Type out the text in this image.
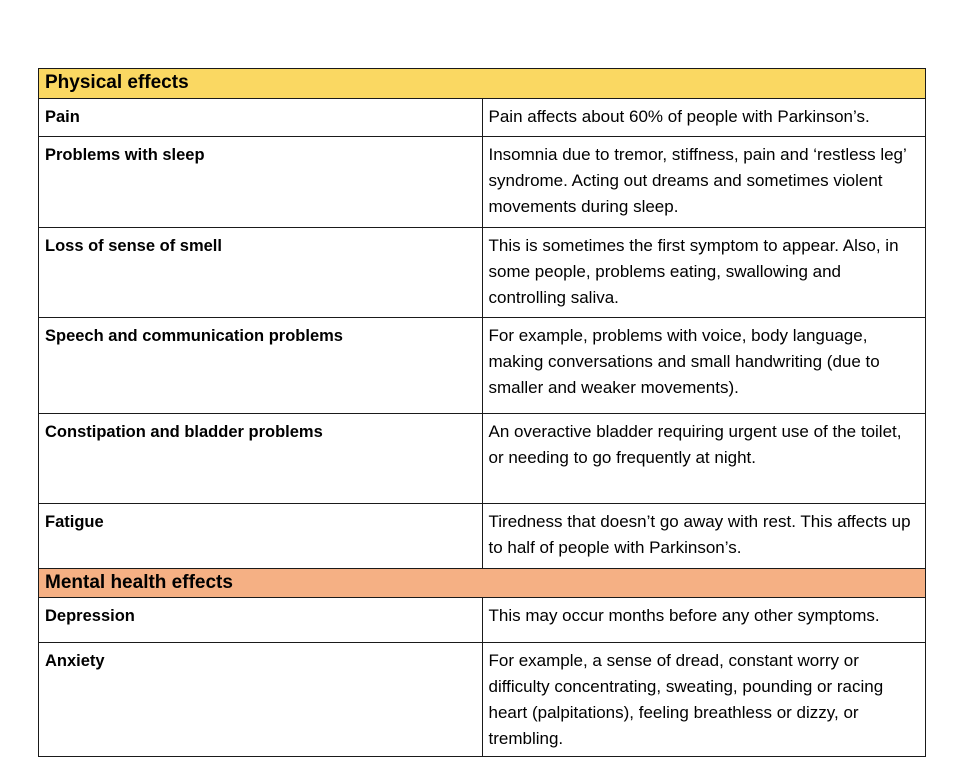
Physical effects	
Pain	Pain affects about 60% of people with Parkinson’s.
Problems with sleep	Insomnia due to tremor, stiffness, pain and ‘restless leg’ syndrome. Acting out dreams and sometimes violent movements during sleep.
Loss of sense of smell	This is sometimes the first symptom to appear. Also, in some people, problems eating, swallowing and controlling saliva.
Speech and communication problems	For example, problems with voice, body language, making conversations and small handwriting (due to smaller and weaker movements).
Constipation and bladder problems	An overactive bladder requiring urgent use of the toilet, or needing to go frequently at night.
Fatigue	Tiredness that doesn’t go away with rest. This affects up to half of people with Parkinson’s.
Mental health effects	
Depression	This may occur months before any other symptoms.
Anxiety	For example, a sense of dread, constant worry or difficulty concentrating, sweating, pounding or racing heart (palpitations), feeling breathless or dizzy, or trembling.
